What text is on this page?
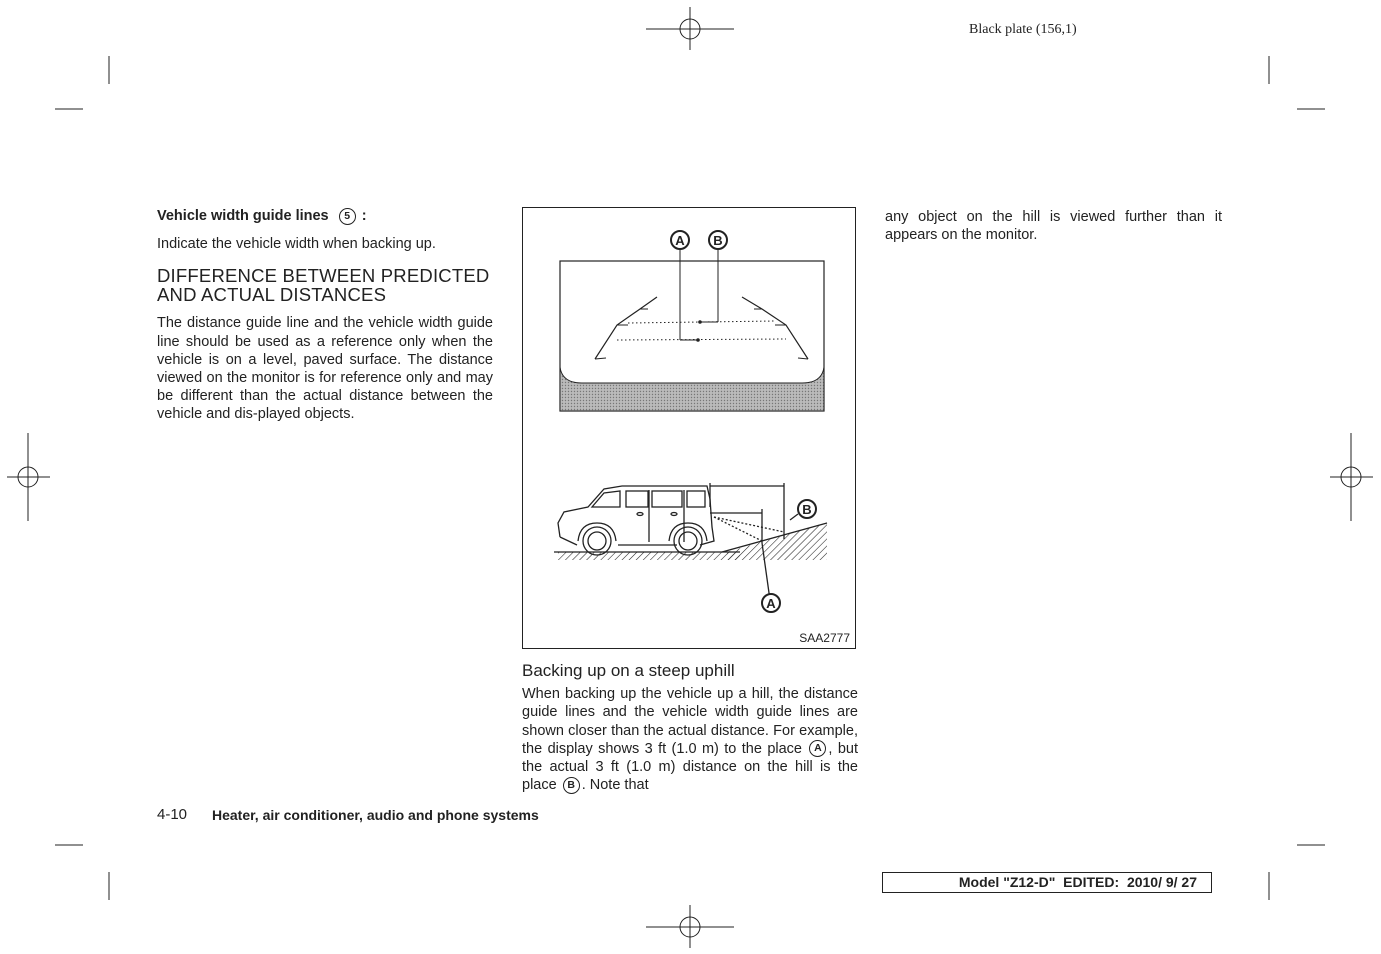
Black plate (156,1)
Vehicle width guide lines 5 :
Indicate the vehicle width when backing up.
DIFFERENCE BETWEEN PREDICTED
AND ACTUAL DISTANCES
The distance guide line and the vehicle width guide line should be used as a reference only when the vehicle is on a level, paved surface. The distance viewed on the monitor is for reference only and may be different than the actual distance between the vehicle and dis-played objects.
A B
B
A
SAA2777
Backing up on a steep uphill
When backing up the vehicle up a hill, the distance guide lines and the vehicle width guide lines are shown closer than the actual distance. For example, the display shows 3 ft (1.0 m) to the place A , but the actual 3 ft (1.0 m) distance on the hill is the place B . Note that
any object on the hill is viewed further than it appears on the monitor.
4-10 Heater, air conditioner, audio and phone systems
Model "Z12-D" EDITED: 2010/ 9/ 27
